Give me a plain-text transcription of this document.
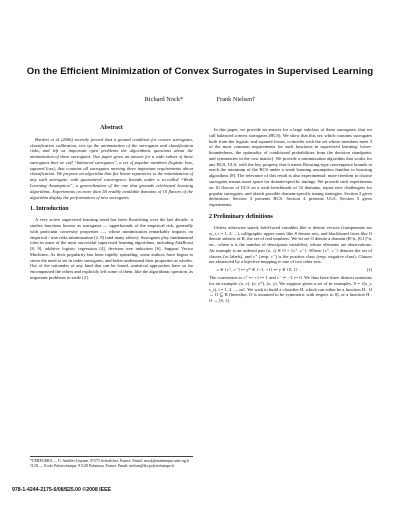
On the Efficient Minimization of Convex Surrogates in Supervised Learning
Richard Nock*	Frank Nielsen†
Abstract

Bartlett et al (2006) recently proved that a ground condition for convex surrogates, classification calibration, ties up the minimization of the surrogates and classification risks, and left as important open problems the algorithmic questions about the minimization of these surrogates. Our paper gives an answer for a wide subset of these surrogates that we call “balanced surrogates”, a set of popular members (logistic loss, squared loss), that contains all surrogates meeting three important requirements about classification. We propose an algorithm that fits linear separators to the minimization of any such surrogate, with guaranteed convergence bounds under a so-called “Weak Learning Assumption”, a generalization of the one that grounds celebrated boosting algorithms. Experiments on more than 50 readily available domains of 10 flavors of the algorithm display the performances of new surrogates.

1. Introduction

A very active supervised learning trend has been flourishing over the last decade: it studies functions known as surrogates — upperbounds of the empirical risk, generally with particular convexity properties —, whose minimization remarkably impacts on empirical / true risks minimization [2, 8] (and many others). Surrogates play fundamental roles in some of the most successful supervised learning algorithms, including AdaBoost [8, 9], additive logistic regression [4], decision tree induction [6], Support Vector Machines. As their popularity has been rapidly spreading, some authors have begun to stress the need to set in order surrogates, and better understand their properties as wholes. Out of the rationales of any kind that can be found, statistical approaches have so far encompassed the others and explicitly left some of them, like the algorithmic question, as important problems to settle [2].

In this paper, we provide an answer for a large subclass of these surrogates, that we call balanced convex surrogates (BCS). We show that this set, which contains surrogates built from the logistic and squared losses, coincides with the set whose members meet 3 of the most common requirements for such functions in supervised learning: lower-boundedness, the optimality of conditional probabilities from the decision standpoint, and symmetries in the cost matrix). We provide a minimization algorithm that works for any BCS, ULS, with the key property that it meets Boosting-type convergence bounds to reach the minimum of the BCS under a weak learning assumption familiar to boosting algorithms [8]. The relevance of this result is also experimental: more freedom to choose surrogates means more space for domain-specific tunings. We provide such experiments on 10 flavors of ULS on a wide benchmark of 52 domains, report new challengers for popular surrogates, and sketch possible domain-specific tuning strategies. Section 2 gives definitions. Section 3 presents BCS. Section 4 presents ULS, Section 5 gives experiments.

2 Preliminary definitions

Unless otherwise stated, bold-faced variables like w denote vectors (components are w_i, i = 1, 2, ...), calligraphic upper-cases like S denote sets, and blackboard faces like O denote subsets of R, the set of real numbers. We let set O denote a domain (R^n, [0,1]^n, etc., where n is the number of description variables), whose elements are observations. An example is an ordered pair (o, c) ∈ O × {c⁺, c⁻}. Where {c⁺, c⁻} denotes the set of classes (or labels), and c⁺ (resp. c⁻) is the positive class (resp. negative class). Classes are abstracted by a bijective mapping to one of two other sets:

c ∈ {c⁺, c⁻} ↦ y* ∈ {−1, +1} ↦ y ∈ {0, 1} .	(1)

The convention is c⁺ ↦ +1 ↦ 1 and c⁻ ↦ −1 ↦ 0. We thus have three distinct notations for an example: (o, c), (o, y*), (o, y). We suppose given a set of m examples, S = {(o_i, c_i), i = 1, 2, ..., m}. We wish to build a classifier H, which can either be a function H : O → O ⊆ R (hereafter, O is assumed to be symmetric with respect to 0), or a function H : O → [0, 1].

*CEREGMIA — U. Antilles-Guyane, 97275 Schoelcher, France. Email: rnock@martinique.univ-ag.fr
†LIX — Ecole Polytechnique, 91128 Palaiseau, France. Email: nielsen@lix.polytechnique.fr
978-1-4244-2175-6/08/$25.00 ©2008 IEEE
